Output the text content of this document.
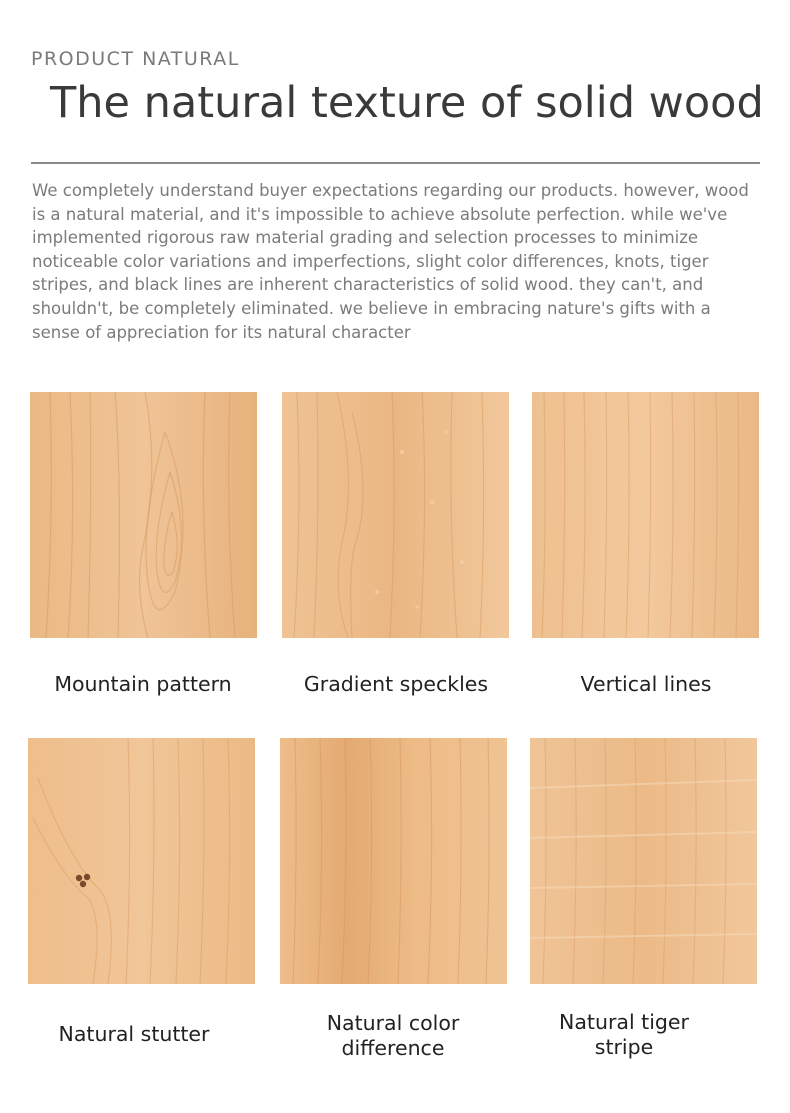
PRODUCT NATURAL
The natural texture of solid wood
We completely understand buyer expectations regarding our products. however, wood is a natural material, and it's impossible to achieve absolute perfection. while we've implemented rigorous raw material grading and selection processes to minimize noticeable color variations and imperfections, slight color differences, knots, tiger stripes, and black lines are inherent characteristics of solid wood. they can't, and shouldn't, be completely eliminated. we believe in embracing nature's gifts with a sense of appreciation for its natural character
Mountain pattern	Gradient speckles	Vertical lines
Natural stutter	Natural color
difference
Natural tiger
stripe
